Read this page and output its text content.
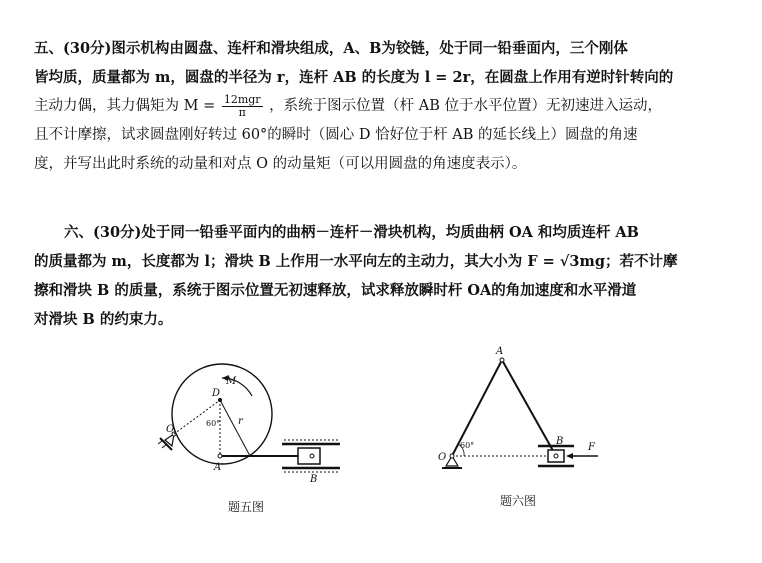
五、(30分)图示机构由圆盘、连杆和滑块组成，A、B为铰链，处于同一铅垂面内，三个刚体
皆均质，质量都为 m，圆盘的半径为 r，连杆 AB 的长度为 l = 2r，在圆盘上作用有逆时针转向的
主动力偶，其力偶矩为 $M = \frac{\text{12mgr}}{\pi}$ ，系统于图示位置（杆 AB 位于水平位置）无初速进入运动，
且不计摩擦，试求圆盘刚好转过 60°的瞬时（圆心 D 恰好位于杆 AB 的延长线上）圆盘的角速
度，并写出此时系统的动量和对点 O 的动量矩（可以用圆盘的角速度表示）。
六、(30分)处于同一铅垂平面内的曲柄－连杆－滑块机构，均质曲柄 OA 和均质连杆 AB
的质量都为 m，长度都为 l；滑块 B 上作用一水平向左的主动力，其大小为 F = √3mg；若不计摩
擦和滑块 B 的质量，系统于图示位置无初速释放，试求释放瞬时杆 OA的角加速度和水平滑道
对滑块 B 的约束力。
O
D
M
r
60°
A
B
题五图
A
O
60°	B
F
题六图
